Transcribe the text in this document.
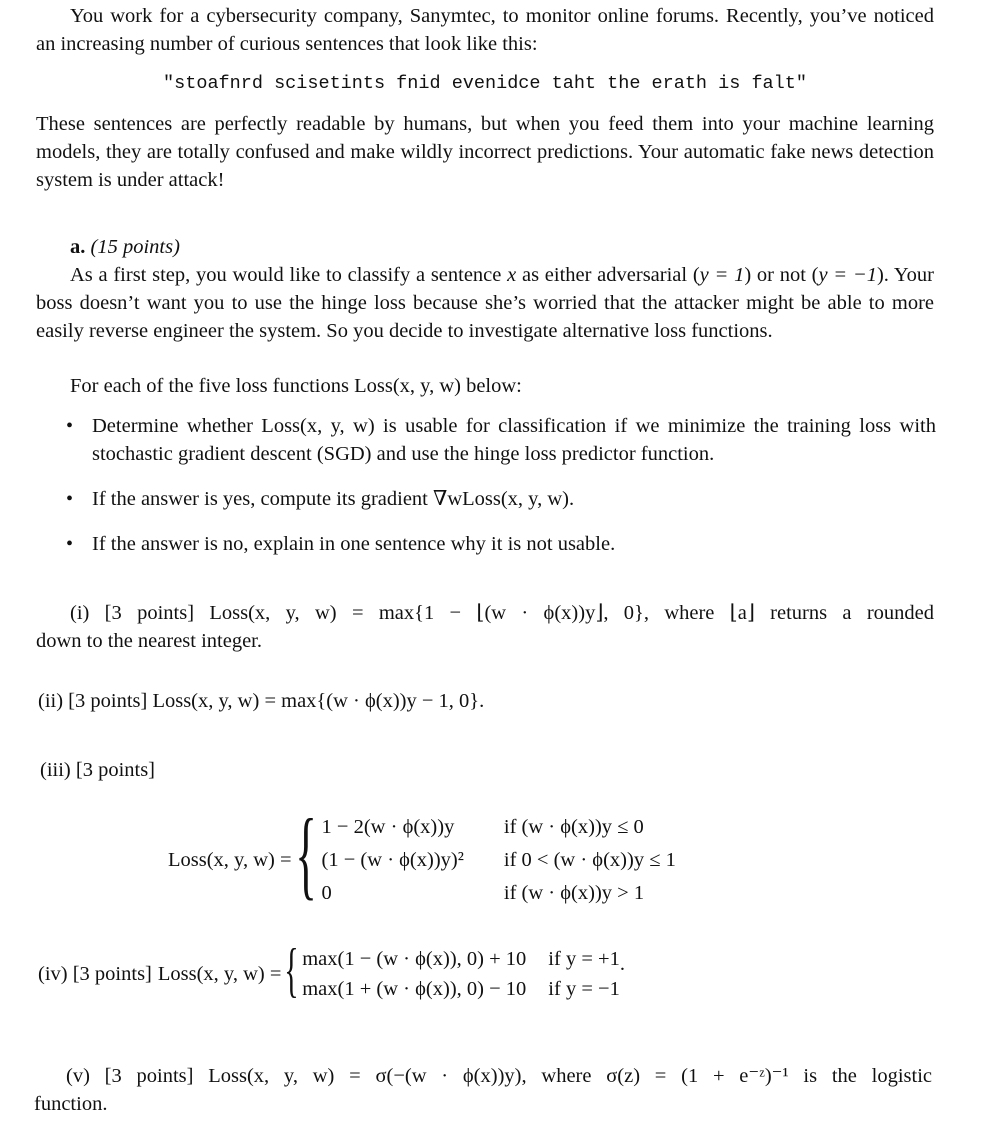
You work for a cybersecurity company, Sanymtec, to monitor online forums. Recently, you’ve noticed an increasing number of curious sentences that look like this:
"stoafnrd scisetints fnid evenidce taht the erath is falt"
These sentences are perfectly readable by humans, but when you feed them into your machine learning models, they are totally confused and make wildly incorrect predictions. Your automatic fake news detection system is under attack!
a. (15 points)
As a first step, you would like to classify a sentence x as either adversarial (y = 1) or not (y = −1). Your boss doesn’t want you to use the hinge loss because she’s worried that the attacker might be able to more easily reverse engineer the system. So you decide to investigate alternative loss functions.
For each of the five loss functions Loss(x, y, w) below:
• Determine whether Loss(x, y, w) is usable for classification if we minimize the training loss with stochastic gradient descent (SGD) and use the hinge loss predictor function.
• If the answer is yes, compute its gradient ∇wLoss(x, y, w).
• If the answer is no, explain in one sentence why it is not usable.
(i) [3 points] Loss(x, y, w) = max{1 − ⌊(w · ϕ(x))y⌋, 0}, where ⌊a⌋ returns a rounded
down to the nearest integer.
(ii) [3 points] Loss(x, y, w) = max{(w · ϕ(x))y − 1, 0}.
(iii) [3 points]
Loss(x, y, w) = { 1 − 2(w · ϕ(x))y	if (w · ϕ(x))y ≤ 0
(1 − (w · ϕ(x))y)²	if 0 < (w · ϕ(x))y ≤ 1
0	if (w · ϕ(x))y > 1
(iv) [3 points] Loss(x, y, w) = { max(1 − (w · ϕ(x)), 0) + 10	if y = +1
max(1 + (w · ϕ(x)), 0) − 10	if y = −1
.
(v) [3 points] Loss(x, y, w) = σ(−(w · ϕ(x))y), where σ(z) = (1 + e⁻ᶻ)⁻¹ is the logistic
function.
